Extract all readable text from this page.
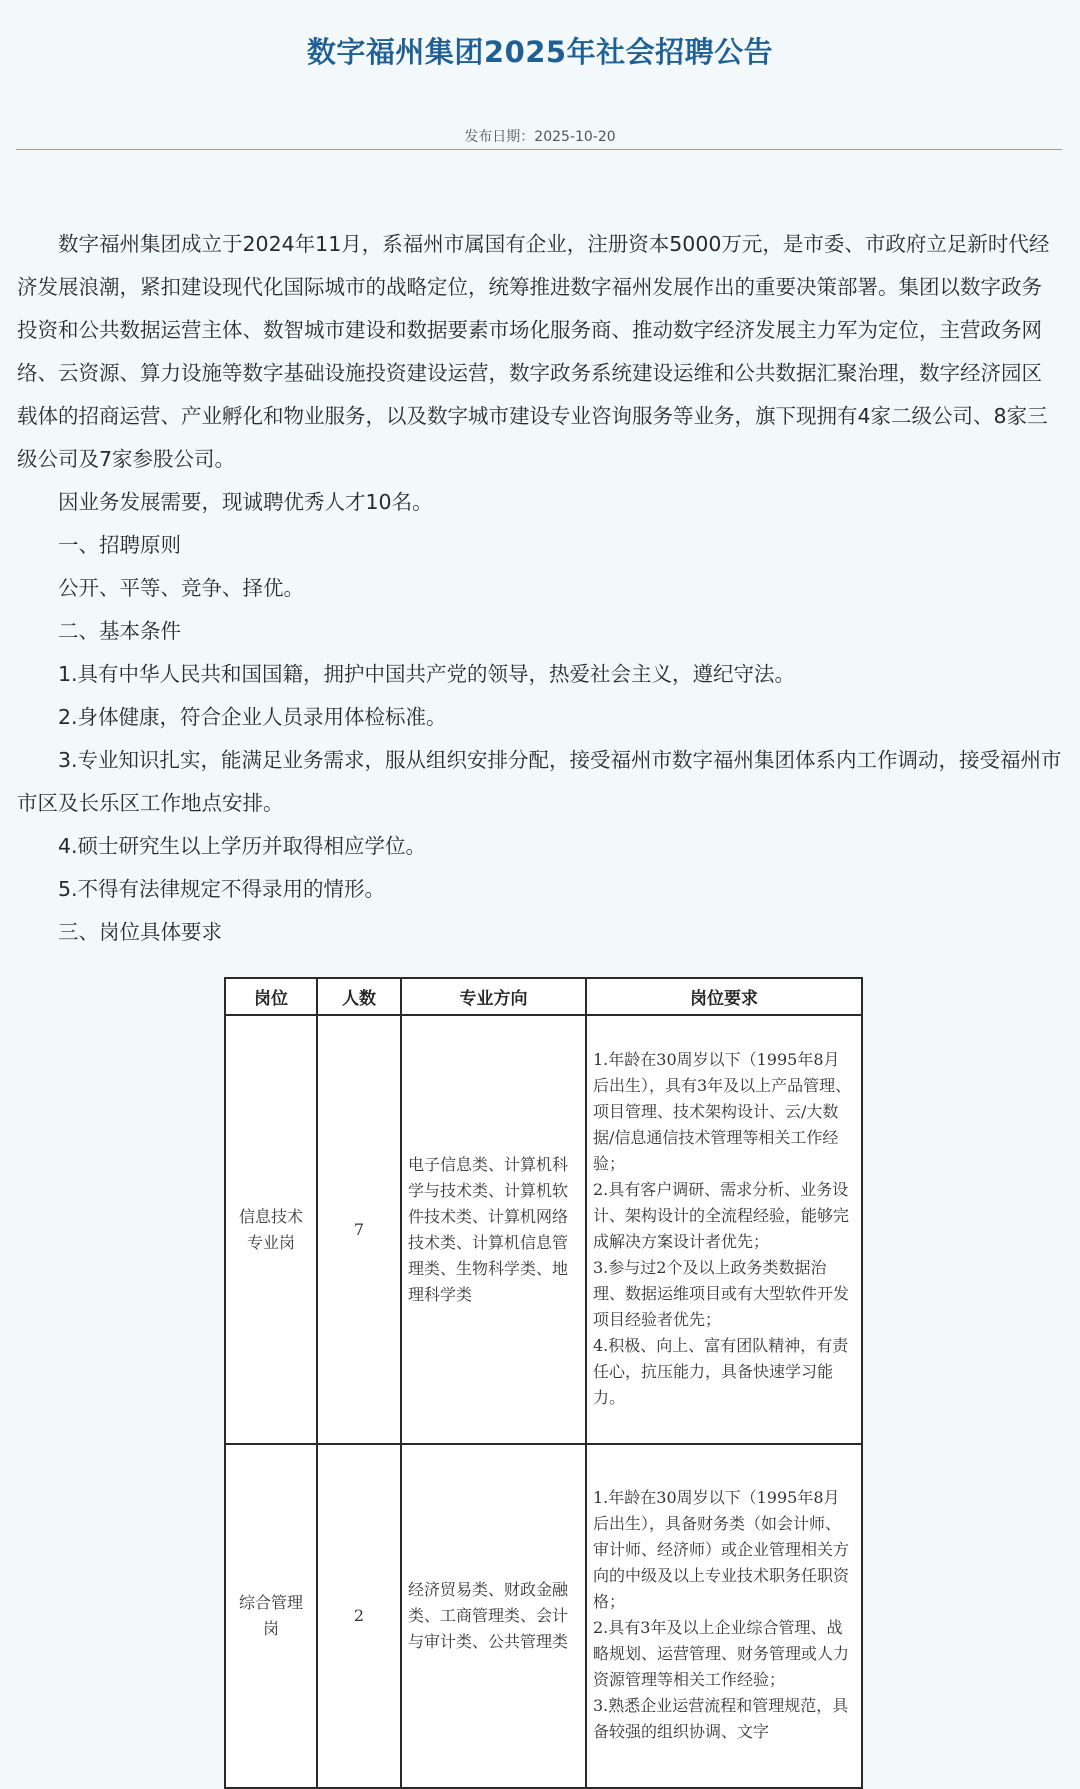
数字福州集团2025年社会招聘公告
发布日期：2025-10-20

数字福州集团成立于2024年11月，系福州市属国有企业，注册资本5000万元，是市委、市政府立足新时代经济发展浪潮，紧扣建设现代化国际城市的战略定位，统筹推进数字福州发展作出的重要决策部署。集团以数字政务投资和公共数据运营主体、数智城市建设和数据要素市场化服务商、推动数字经济发展主力军为定位，主营政务网络、云资源、算力设施等数字基础设施投资建设运营，数字政务系统建设运维和公共数据汇聚治理，数字经济园区载体的招商运营、产业孵化和物业服务，以及数字城市建设专业咨询服务等业务，旗下现拥有4家二级公司、8家三级公司及7家参股公司。

因业务发展需要，现诚聘优秀人才10名。

一、招聘原则

公开、平等、竞争、择优。

二、基本条件

1.具有中华人民共和国国籍，拥护中国共产党的领导，热爱社会主义，遵纪守法。

2.身体健康，符合企业人员录用体检标准。

3.专业知识扎实，能满足业务需求，服从组织安排分配，接受福州市数字福州集团体系内工作调动，接受福州市市区及长乐区工作地点安排。

4.硕士研究生以上学历并取得相应学位。

5.不得有法律规定不得录用的情形。

三、岗位具体要求

岗位	人数	专业方向	岗位要求
信息技术专业岗	7	电子信息类、计算机科学与技术类、计算机软件技术类、计算机网络技术类、计算机信息管理类、生物科学类、地理科学类	1.年龄在30周岁以下（1995年8月后出生），具有3年及以上产品管理、项目管理、技术架构设计、云/大数据/信息通信技术管理等相关工作经验；
2.具有客户调研、需求分析、业务设计、架构设计的全流程经验，能够完成解决方案设计者优先；
3.参与过2个及以上政务类数据治理、数据运维项目或有大型软件开发项目经验者优先；
4.积极、向上、富有团队精神，有责任心，抗压能力，具备快速学习能力。

综合管理岗	2	经济贸易类、财政金融类、工商管理类、会计与审计类、公共管理类	1.年龄在30周岁以下（1995年8月后出生），具备财务类（如会计师、审计师、经济师）或企业管理相关方向的中级及以上专业技术职务任职资格；
2.具有3年及以上企业综合管理、战略规划、运营管理、财务管理或人力资源管理等相关工作经验；
3.熟悉企业运营流程和管理规范，具备较强的组织协调、文字
